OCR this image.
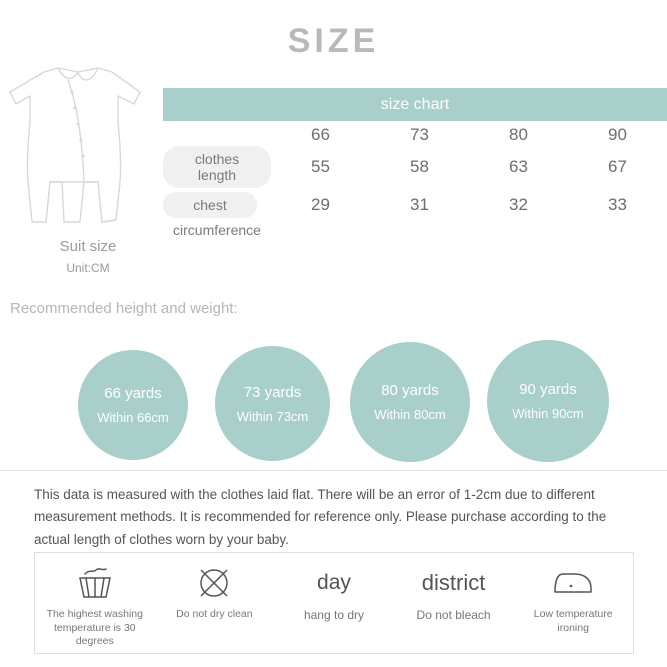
SIZE
Suit size
Unit:CM
size chart

66	73	80	90
clothes length	55	58	63	67
chest	29	31	32	33
circumference
Recommended height and weight:
66 yards
Within 66cm
73 yards
Within 73cm
80 yards
Within 80cm
90 yards
Within 90cm
This data is measured with the clothes laid flat. There will be an error of 1-2cm due to different measurement methods. It is recommended for reference only. Please purchase according to the actual length of clothes worn by your baby.
The highest washing temperature is 30 degrees
Do not dry clean
day
hang to dry
district
Do not bleach	Low temperature ironing
